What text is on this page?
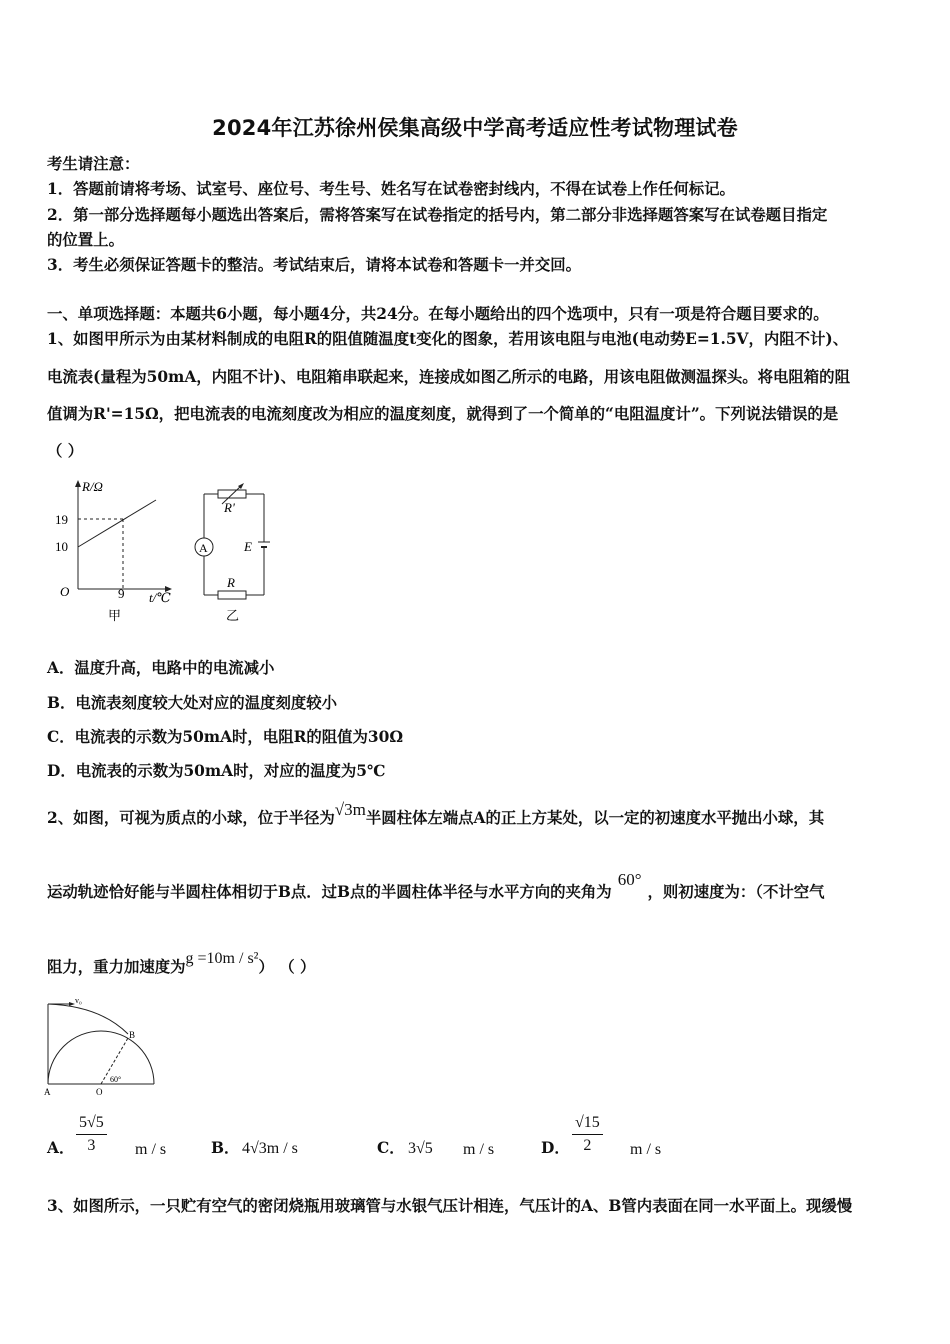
2024年江苏徐州侯集高级中学高考适应性考试物理试卷
考生请注意：
1．答题前请将考场、试室号、座位号、考生号、姓名写在试卷密封线内，不得在试卷上作任何标记。
2．第一部分选择题每小题选出答案后，需将答案写在试卷指定的括号内，第二部分非选择题答案写在试卷题目指定
的位置上。
3．考生必须保证答题卡的整洁。考试结束后，请将本试卷和答题卡一并交回。
一、单项选择题：本题共6小题，每小题4分，共24分。在每小题给出的四个选项中，只有一项是符合题目要求的。
1、如图甲所示为由某材料制成的电阻R的阻值随温度t变化的图象，若用该电阻与电池(电动势E=1.5V，内阻不计)、
电流表(量程为50mA，内阻不计)、电阻箱串联起来，连接成如图乙所示的电路，用该电阻做测温探头。将电阻箱的阻
值调为R'=15Ω，把电流表的电流刻度改为相应的温度刻度，就得到了一个简单的“电阻温度计”。下列说法错误的是
（ ）
R/Ω
19
10
O	9 t/℃
甲
A
R'
E
R
乙
A．温度升高，电路中的电流减小
B．电流表刻度较大处对应的温度刻度较小
C．电流表的示数为50mA时，电阻R的阻值为30Ω
D．电流表的示数为50mA时，对应的温度为5℃
2、如图，可视为质点的小球，位于半径为√3m半圆柱体左端点A的正上方某处，以一定的初速度水平抛出小球，其
运动轨迹恰好能与半圆柱体相切于B点．过B点的半圆柱体半径与水平方向的夹角为60°，则初速度为：（不计空气
阻力，重力加速度为g =10m / s²） （ ）
v₀
B
A	O
60°
A． $\frac{5√5}{3}$ m / s	B． 4√3m / s	C． 3√5 m / s	D． $\frac{√15}{2}$ m / s
3、如图所示，一只贮有空气的密闭烧瓶用玻璃管与水银气压计相连，气压计的A、B管内表面在同一水平面上。现缓慢
